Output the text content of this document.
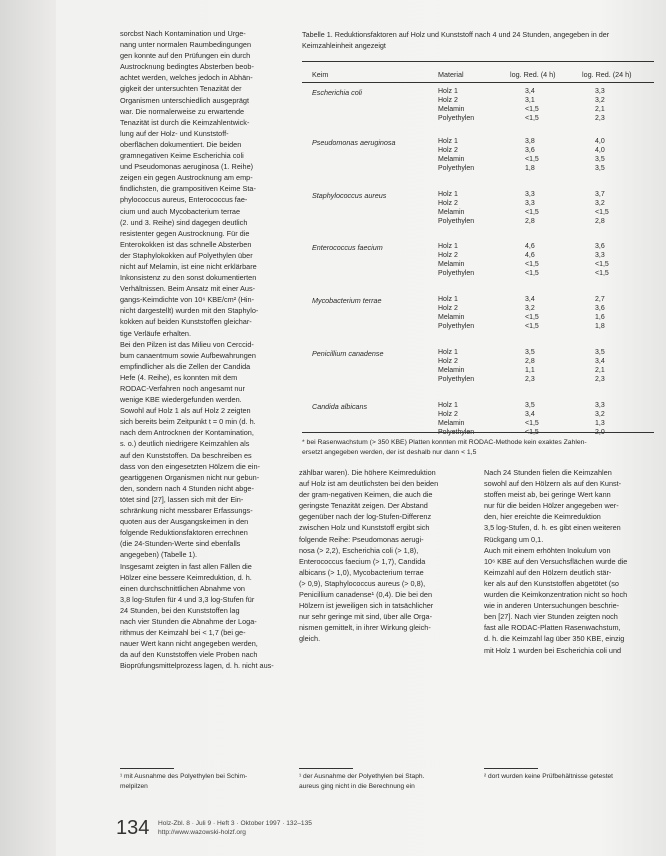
sorcbst Nach Kontamination und Urge-
nang unter normalen Raumbedingungen
gen konnte auf den Prüfungen ein durch
Austrocknung bedingtes Absterben beob-
achtet werden, welches jedoch in Abhän-
gigkeit der untersuchten Tenazität der
Organismen unterschiedlich ausgeprägt
war. Die normalerweise zu erwartende
Tenazität ist durch die Keimzahlentwick-
lung auf der Holz- und Kunststoff-
oberflächen dokumentiert. Die beiden
gramnegativen Keime Escherichia coli
und Pseudomonas aeruginosa (1. Reihe)
zeigen ein gegen Austrocknung am emp-
findlichsten, die grampositiven Keime Sta-
phylococcus aureus, Enterococcus fae-
cium und auch Mycobacterium terrae
(2. und 3. Reihe) sind dagegen deutlich
resistenter gegen Austrocknung. Für die
Enterokokken ist das schnelle Absterben
der Staphylokokken auf Polyethylen über
nicht auf Melamin, ist eine nicht erklärbare
Inkonsistenz zu den sonst dokumentierten
Verhältnissen. Beim Ansatz mit einer Aus-
gangs-Keimdichte von 10⁶ KBE/cm² (Hin-
nicht dargestellt) wurden mit den Staphylo-
kokken auf beiden Kunststoffen gleichar-
tige Verläufe erhalten.
Bei den Pilzen ist das Milieu von Cerccid-
bum canaentmum sowie Aufbewahrungen
empfindlicher als die Zellen der Candida
Hefe (4. Reihe), es konnten mit dem
RODAC-Verfahren noch angesamt nur
wenige KBE wiedergefunden werden.
Sowohl auf Holz 1 als auf Holz 2 zeigten
sich bereits beim Zeitpunkt t = 0 min (d. h.
nach dem Antrocknen der Kontamination,
s. o.) deutlich niedrigere Keimzahlen als
auf den Kunststoffen. Da beschreiben es
dass von den eingesetzten Hölzern die ein-
geartiggenen Organismen nicht nur gebun-
den, sondern nach 4 Stunden nicht abge-
tötet sind [27], lassen sich mit der Ein-
schränkung nicht messbarer Erfassungs-
quoten aus der Ausgangskeimen in den
folgende Reduktionsfaktoren errechnen
(die 24-Stunden-Werte sind ebenfalls
angegeben) (Tabelle 1).
Insgesamt zeigten in fast allen Fällen die
Hölzer eine bessere Keimreduktion, d. h.
einen durchschnittlichen Abnahme von
3,8 log-Stufen für 4 und 3,3 log-Stufen für
24 Stunden, bei den Kunststoffen lag
nach vier Stunden die Abnahme der Loga-
rithmus der Keimzahl bei < 1,7 (bei ge-
nauer Wert kann nicht angegeben werden,
da auf den Kunststoffen viele Proben nach
Bioprüfungsmittelprozess lagen, d. h. nicht aus-
¹ mit Ausnahme des Polyethylen bei Schim-
melpilzen
Tabelle 1. Reduktionsfaktoren auf Holz und Kunststoff nach 4 und 24 Stunden, angegeben in der
Keimzahleinheit angezeigt
Keim	Material	log. Red. (4 h)	log. Red. (24 h)
Escherichia coli	Holz 1	3,4	3,3
Holz 2	3,1	3,2
Melamin	<1,5	2,1
Polyethylen	<1,5	2,3
Pseudomonas aeruginosa	Holz 1	3,8	4,0
Holz 2	3,6	4,0
Melamin	<1,5	3,5
Polyethylen	1,8	3,5
Staphylococcus aureus	Holz 1	3,3	3,7
Holz 2	3,3	3,2
Melamin	<1,5	<1,5
Polyethylen	2,8	2,8
Enterococcus faecium	Holz 1	4,6	3,6
Holz 2	4,6	3,3
Melamin	<1,5	<1,5
Polyethylen	<1,5	<1,5
Mycobacterium terrae	Holz 1	3,4	2,7
Holz 2	3,2	3,6
Melamin	<1,5	1,6
Polyethylen	<1,5	1,8
Penicillium canadense	Holz 1	3,5	3,5
Holz 2	2,8	3,4
Melamin	1,1	2,1
Polyethylen	2,3	2,3
Candida albicans	Holz 1	3,5	3,3
Holz 2	3,4	3,2
Melamin	<1,5	1,3
Polyethylen	<1,5	2,0
* bei Rasenwachstum (> 350 KBE) Platten konnten mit RODAC-Methode kein exaktes Zahlen-
ersetzt angegeben werden, der ist deshalb nur dann < 1,5
zählbar waren). Die höhere Keimreduktion
auf Holz ist am deutlichsten bei den beiden
der gram-negativen Keimen, die auch die
geringste Tenazität zeigen. Der Abstand
gegenüber nach der log-Stufen-Differenz
zwischen Holz und Kunststoff ergibt sich
folgende Reihe: Pseudomonas aerugi-
nosa (> 2,2), Escherichia coli (> 1,8),
Enterococcus faecium (> 1,7), Candida
albicans (> 1,0), Mycobacterium terrae
(> 0,9), Staphylococcus aureus (> 0,8),
Penicillium canadense¹ (0,4). Die bei den
Hölzern ist jeweiligen sich in tatsächlicher
nur sehr geringe mit sind, über alle Orga-
nismen gemittelt, in ihrer Wirkung gleich-
gleich.
¹ der Ausnahme der Polyethylen bei Staph.
aureus ging nicht in die Berechnung ein
Nach 24 Stunden fielen die Keimzahlen
sowohl auf den Hölzern als auf den Kunst-
stoffen meist ab, bei geringe Wert kann
nur für die beiden Hölzer angegeben wer-
den, hier ereichte die Keimreduktion
3,5 log-Stufen, d. h. es gibt einen weiteren
Rückgang um 0,1.
Auch mit einem erhöhten Inokulum von
10⁶ KBE auf den Versuchsflächen wurde die
Keimzahl auf den Hölzern deutlich stär-
ker als auf den Kunststoffen abgetötet (so
wurden die Keimkonzentration nicht so hoch
wie in anderen Untersuchungen beschrie-
ben [27]. Nach vier Stunden zeigten noch
fast alle RODAC-Platten Rasenwachstum,
d. h. die Keimzahl lag über 350 KBE, einzig
mit Holz 1 wurden bei Escherichia coli und
² dort wurden keine Prüfbehältnisse getestet
134 Holz-Zbl. 8 · Juli 9 · Heft 3 · Oktober 1997 · 132–135
http://www.wazowski-holzf.org
